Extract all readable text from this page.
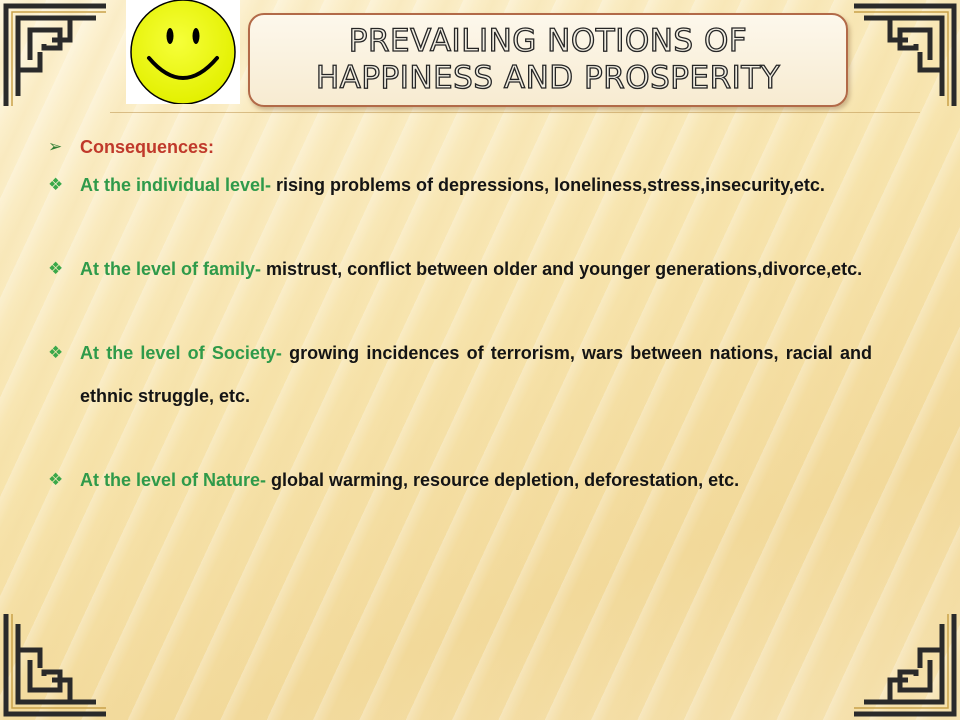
PREVAILING NOTIONS OF
HAPPINESS AND PROSPERITY
➢ Consequences:
❖ At the individual level- rising problems of depressions, loneliness,stress,insecurity,etc.
❖ At the level of family- mistrust, conflict between older and younger generations,divorce,etc.
❖ At the level of Society- growing incidences of terrorism, wars between nations, racial and ethnic struggle, etc.
❖ At the level of Nature- global warming, resource depletion, deforestation, etc.
